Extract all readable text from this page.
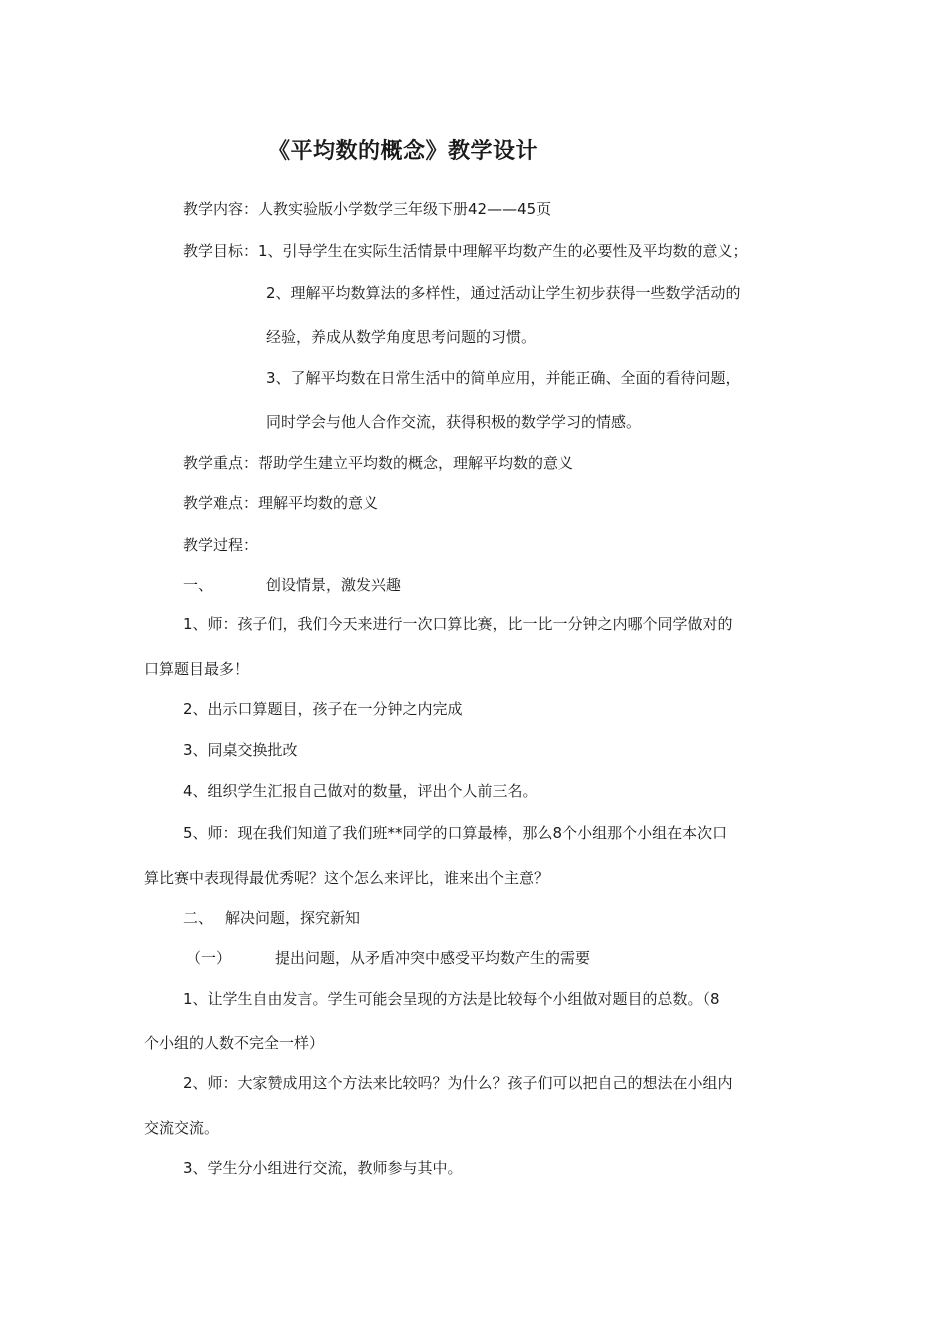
《平均数的概念》教学设计
教学内容：人教实验版小学数学三年级下册42——45页
教学目标：1、引导学生在实际生活情景中理解平均数产生的必要性及平均数的意义；
2、理解平均数算法的多样性，通过活动让学生初步获得一些数学活动的
经验，养成从数学角度思考问题的习惯。
3、了解平均数在日常生活中的简单应用，并能正确、全面的看待问题，
同时学会与他人合作交流，获得积极的数学学习的情感。
教学重点：帮助学生建立平均数的概念，理解平均数的意义
教学难点：理解平均数的意义
教学过程：
一、	创设情景，激发兴趣
1、师：孩子们，我们今天来进行一次口算比赛，比一比一分钟之内哪个同学做对的
口算题目最多！
2、出示口算题目，孩子在一分钟之内完成
3、同桌交换批改
4、组织学生汇报自己做对的数量，评出个人前三名。
5、师：现在我们知道了我们班**同学的口算最棒，那么8个小组那个小组在本次口
算比赛中表现得最优秀呢？这个怎么来评比，谁来出个主意？
二、 解决问题，探究新知
（一）	提出问题，从矛盾冲突中感受平均数产生的需要
1、让学生自由发言。学生可能会呈现的方法是比较每个小组做对题目的总数。（8
个小组的人数不完全一样）
2、师：大家赞成用这个方法来比较吗？为什么？孩子们可以把自己的想法在小组内
交流交流。
3、学生分小组进行交流，教师参与其中。
